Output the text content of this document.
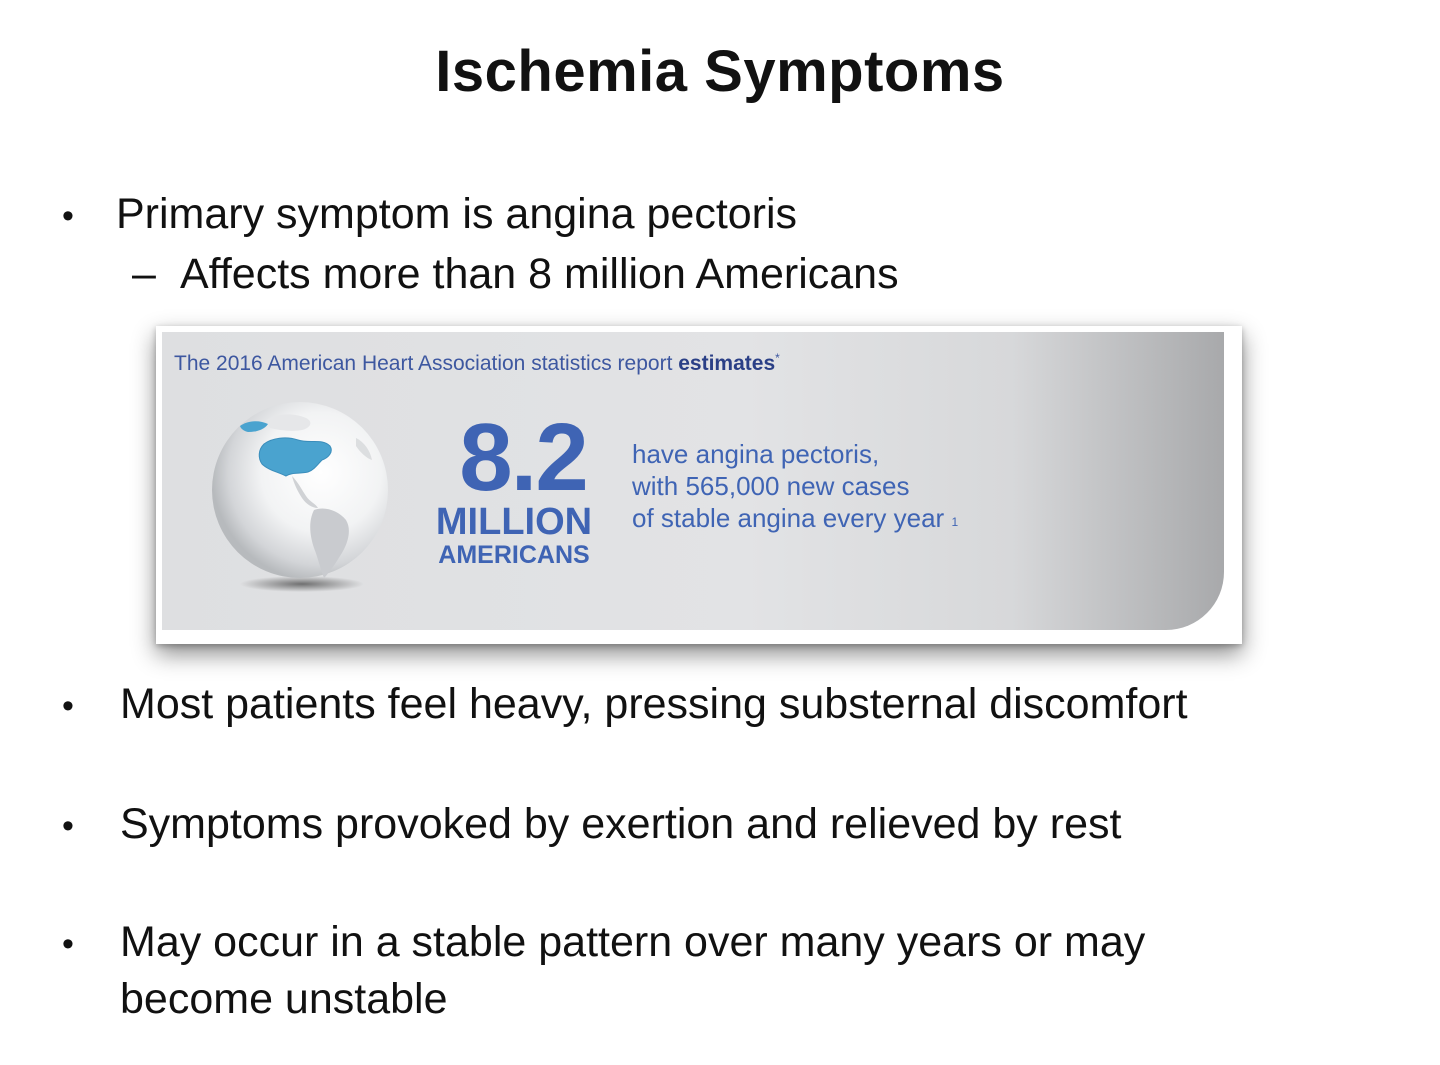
Ischemia Symptoms
• Primary symptom is angina pectoris
– Affects more than 8 million Americans
The 2016 American Heart Association statistics report estimates*
8.2
MILLION
AMERICANS
have angina pectoris,
with 565,000 new cases
of stable angina every year $^1$
• Most patients feel heavy, pressing substernal discomfort
• Symptoms provoked by exertion and relieved by rest
• May occur in a stable pattern over many years or may
become unstable
